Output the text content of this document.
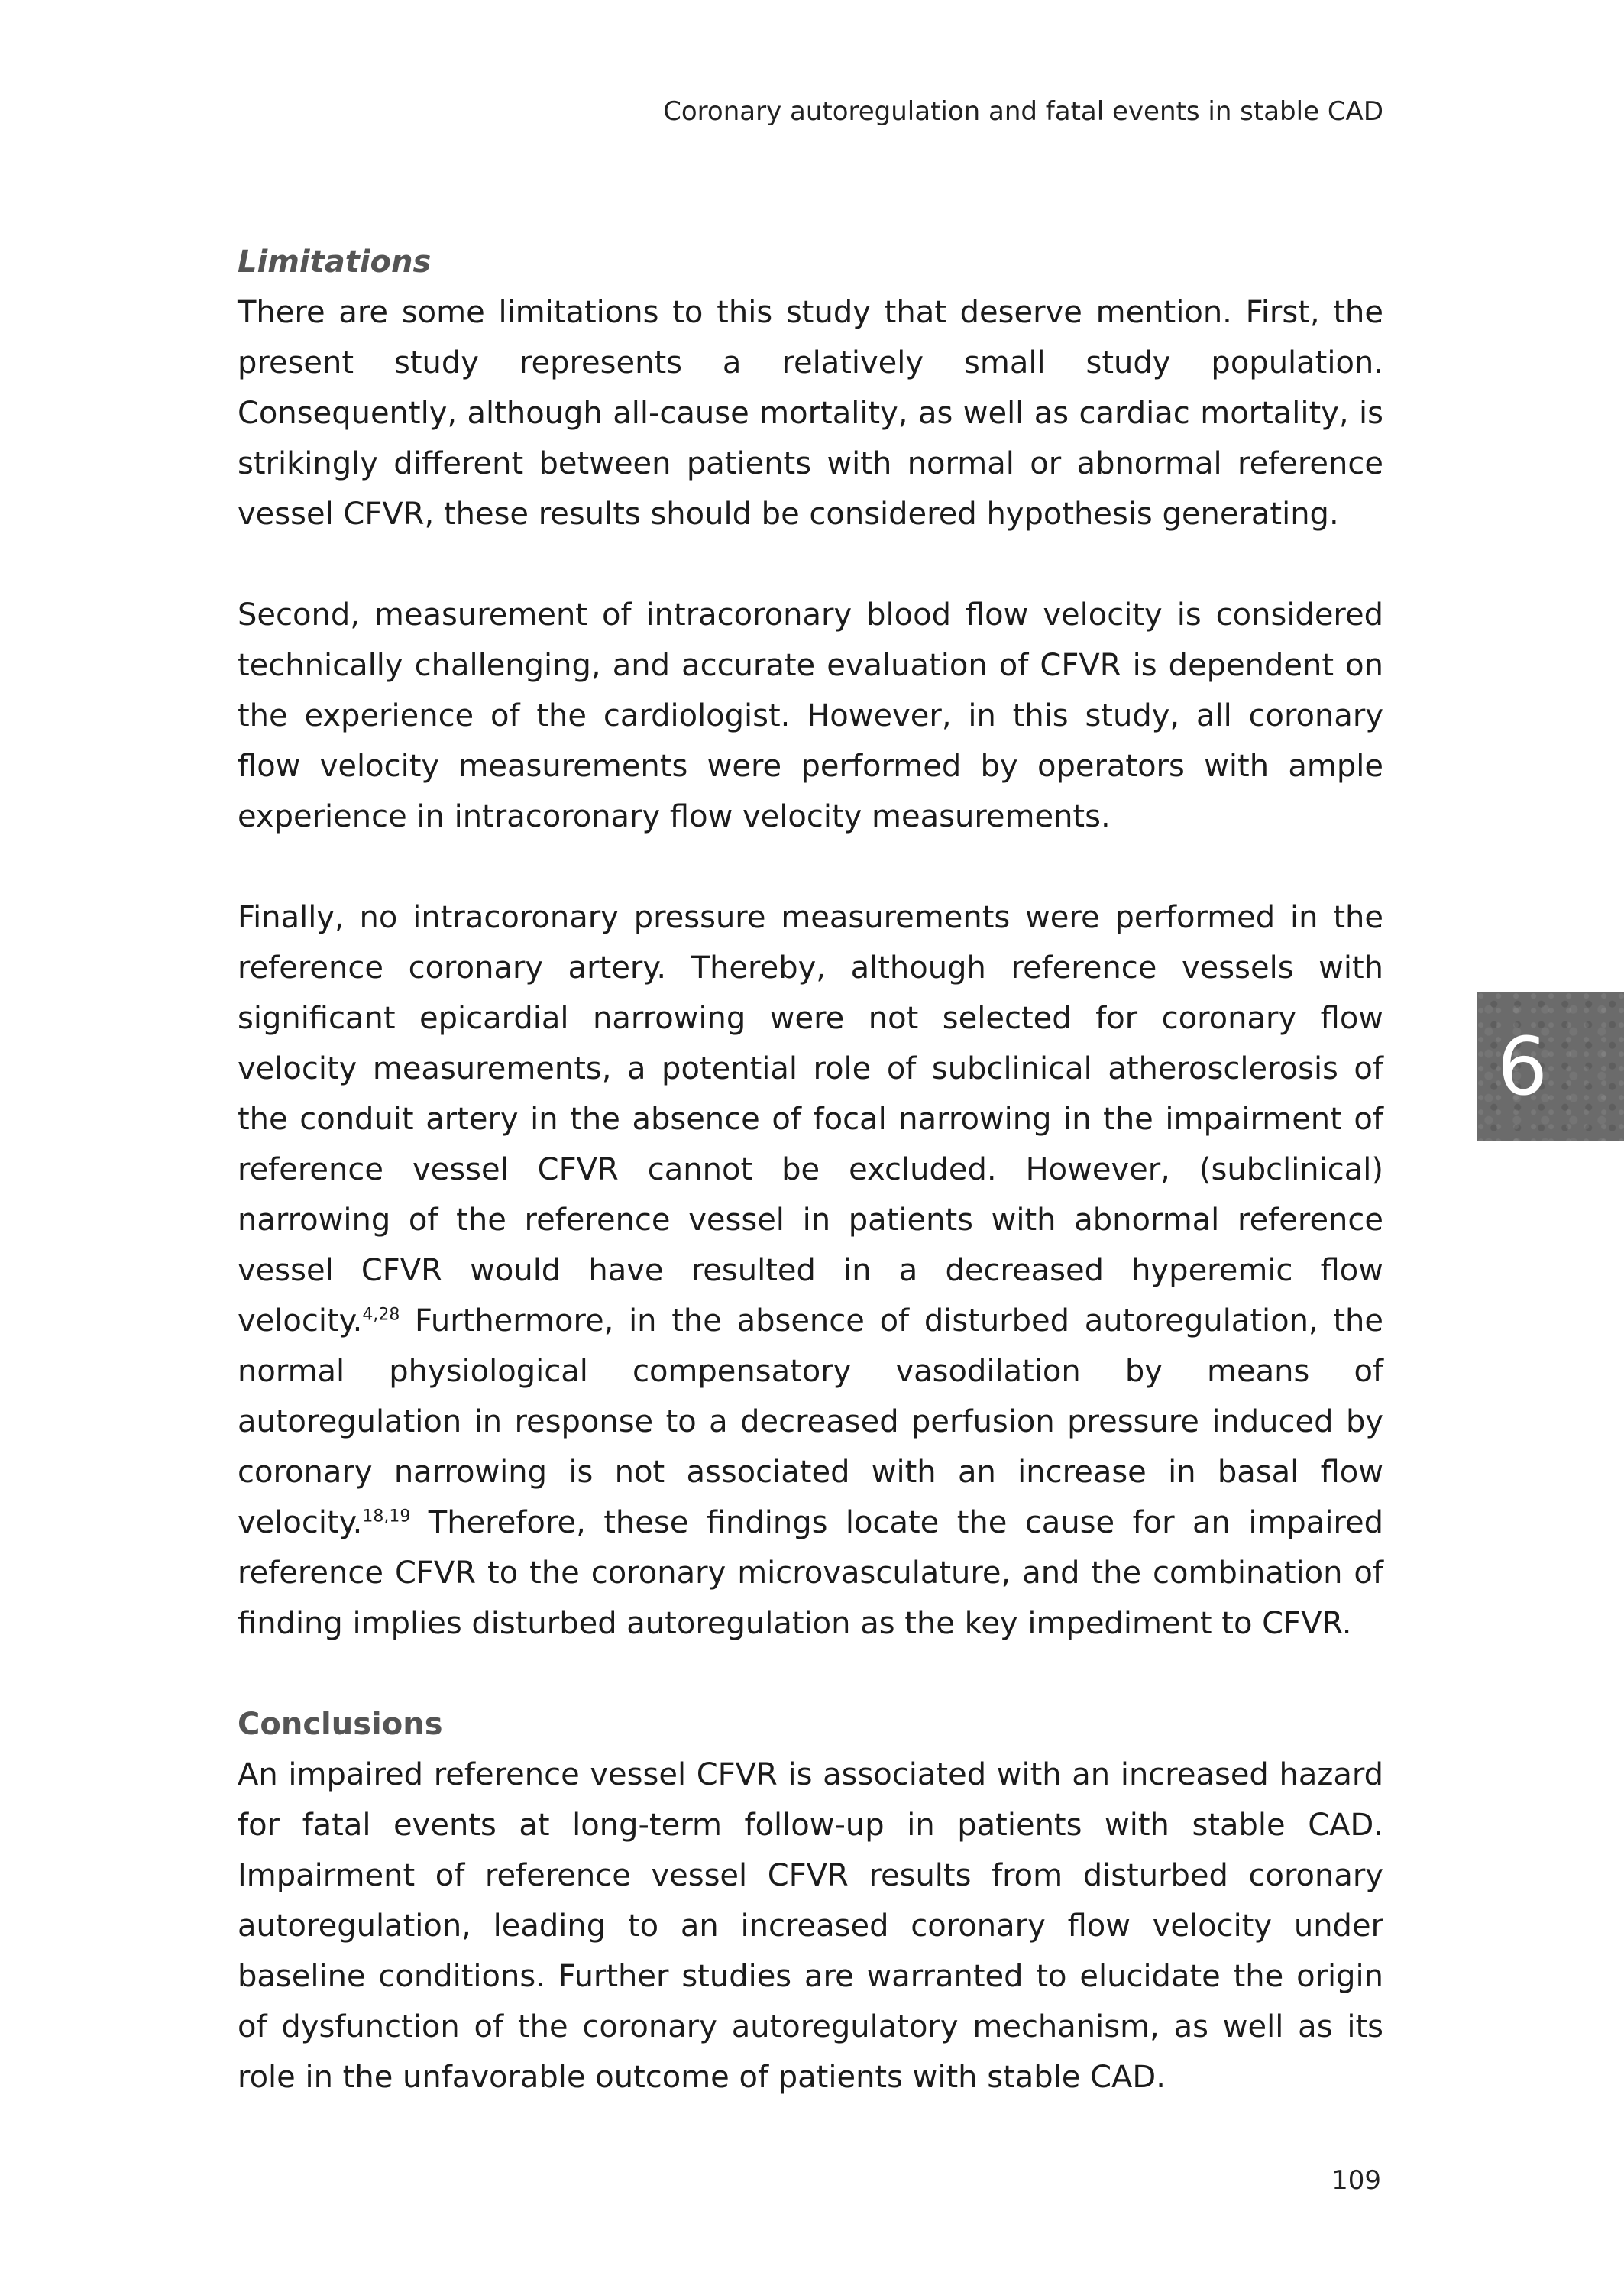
Coronary autoregulation and fatal events in stable CAD
Limitations

There are some limitations to this study that deserve mention. First, the present study represents a relatively small study population. Consequently, although all-cause mortality, as well as cardiac mortality, is strikingly different between patients with normal or abnormal reference vessel CFVR, these results should be considered hypothesis generating.

Second, measurement of intracoronary blood flow velocity is considered technically challenging, and accurate evaluation of CFVR is dependent on the experience of the cardiologist. However, in this study, all coronary flow velocity measurements were performed by operators with ample experience in intracoronary flow velocity measurements.

Finally, no intracoronary pressure measurements were performed in the reference coronary artery. Thereby, although reference vessels with significant epicardial narrowing were not selected for coronary flow velocity measurements, a potential role of subclinical atherosclerosis of the conduit artery in the absence of focal narrowing in the impairment of reference vessel CFVR cannot be excluded. However, (subclinical) narrowing of the reference vessel in patients with abnormal reference vessel CFVR would have resulted in a decreased hyperemic flow velocity.$^{4,28}$ Furthermore, in the absence of disturbed autoregulation, the normal physiological compensatory vasodilation by means of autoregulation in response to a decreased perfusion pressure induced by coronary narrowing is not associated with an increase in basal flow velocity.$^{18,19}$ Therefore, these findings locate the cause for an impaired reference CFVR to the coronary microvasculature, and the combination of finding implies disturbed autoregulation as the key impediment to CFVR.

Conclusions

An impaired reference vessel CFVR is associated with an increased hazard for fatal events at long-term follow-up in patients with stable CAD. Impairment of reference vessel CFVR results from disturbed coronary autoregulation, leading to an increased coronary flow velocity under baseline conditions. Further studies are warranted to elucidate the origin of dysfunction of the coronary autoregulatory mechanism, as well as its role in the unfavorable outcome of patients with stable CAD.

6
109
